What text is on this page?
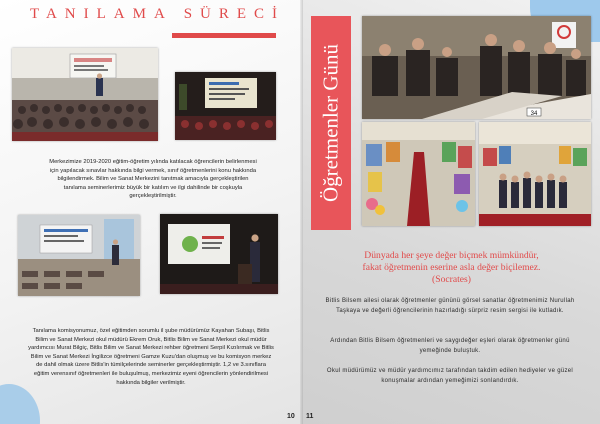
TANILAMA SÜRECİ
Merkezimize 2019-2020 eğitim-öğretim yılında katılacak öğrencilerin belirlenmesi için yapılacak sınavlar hakkında bilgi vermek, sınıf öğretmenlerini konu hakkında bilgilendirmek. Bilim ve Sanat Merkezini tanıtmak amacıyla gerçekleştirilen tanılama seminerlerimiz büyük bir katılım ve ilgi dahilinde bir coşkuyla gerçekleştirilmiştir.
Tanılama komisyonumuz, özel eğitimden sorumlu il şube müdürümüz Kayahan Subaşı, Bitlis Bilim ve Sanat Merkezi okul müdürü Ekrem Oruk, Bitlis Bilim ve Sanat Merkezi okul müdür yardımcısı Murat Bilgiç, Bitlis Bilim ve Sanat Merkezi rehber öğretmeni Serpil Kızılırmak ve Bitlis Bilim ve Sanat Merkezi İngilizce öğretmeni Gamze Kuzu'dan oluşmuş ve bu komisyon merkez de dahil olmak üzere Bitlis'in tümilçelerinde seminerler gerçekleştirmiştir. 1,2 ve 3.sınıflara eğitim verensınıf öğretmenleri ile buluşulmuş, merkezimiz eyeni öğrencilerin yönlendirilmesi hakkında bilgiler verilmiştir.
10
Öğretmenler Günü	34
Dünyada her şeye değer biçmek mümkündür,
fakat öğretmenin eserine asla değer biçilemez.
(Socrates)
Bitlis Bilsem ailesi olarak öğretmenler gününü görsel sanatlar öğretmenimiz Nurullah Taşkaya ve değerli öğrencilerinin hazırladığı sürpriz resim sergisi ile kutladık.
Ardından Bitlis Bilsem öğretmenleri ve saygıdeğer eşleri olarak öğretmenler günü yemeğinde buluştuk.
Okul müdürümüz ve müdür yardımcımız tarafından takdim edilen hediyeler ve güzel konuşmalar ardından yemeğimizi sonlandırdık.
11
